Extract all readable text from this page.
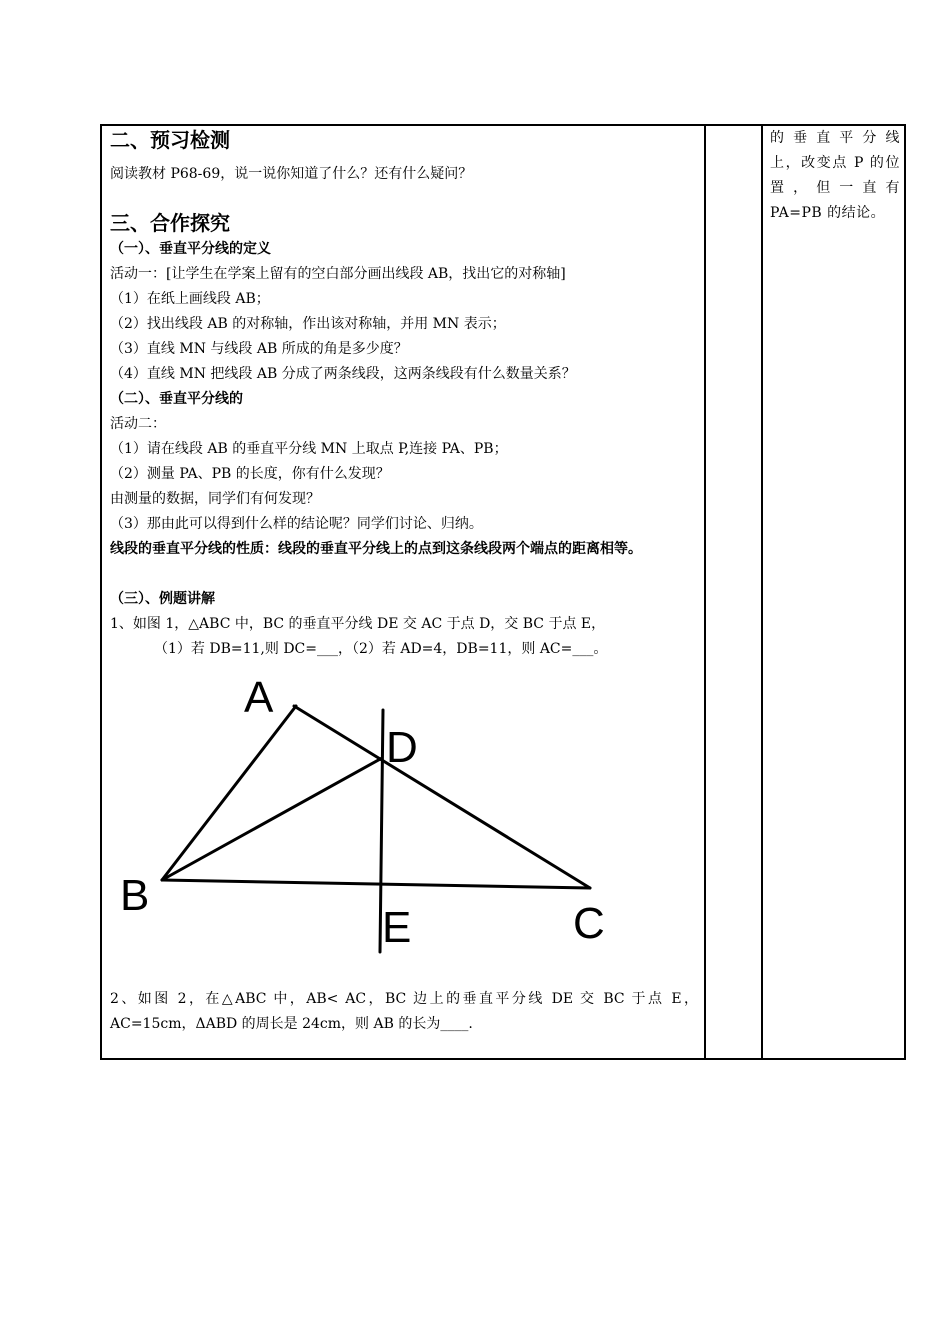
二、预习检测
阅读教材 P68-69，说一说你知道了什么？还有什么疑问？
三、合作探究
（一）、垂直平分线的定义
活动一：[让学生在学案上留有的空白部分画出线段 AB，找出它的对称轴]
（1）在纸上画线段 AB；
（2）找出线段 AB 的对称轴，作出该对称轴，并用 MN 表示；
（3）直线 MN 与线段 AB 所成的角是多少度？
（4）直线 MN 把线段 AB 分成了两条线段，这两条线段有什么数量关系？
（二）、垂直平分线的
活动二：
（1）请在线段 AB 的垂直平分线 MN 上取点 P,连接 PA、PB；
（2）测量 PA、PB 的长度，你有什么发现？
由测量的数据，同学们有何发现？
（3）那由此可以得到什么样的结论呢？同学们讨论、归纳。
线段的垂直平分线的性质：线段的垂直平分线上的点到这条线段两个端点的距离相等。
（三）、例题讲解
1、如图 1，△ABC 中，BC 的垂直平分线 DE 交 AC 于点 D，交 BC 于点 E，
（1）若 DB=11,则 DC=___，（2）若 AD=4，DB=11，则 AC=___。
A
D
B
E	C
2、如图 2，在△ABC 中，AB< AC，BC 边上的垂直平分线 DE 交 BC 于点 E，AC=15cm，ΔABD 的周长是 24cm，则 AB 的长为____.
的垂直平分线
上，改变点 P 的位
置，但一直有
PA=PB 的结论。
